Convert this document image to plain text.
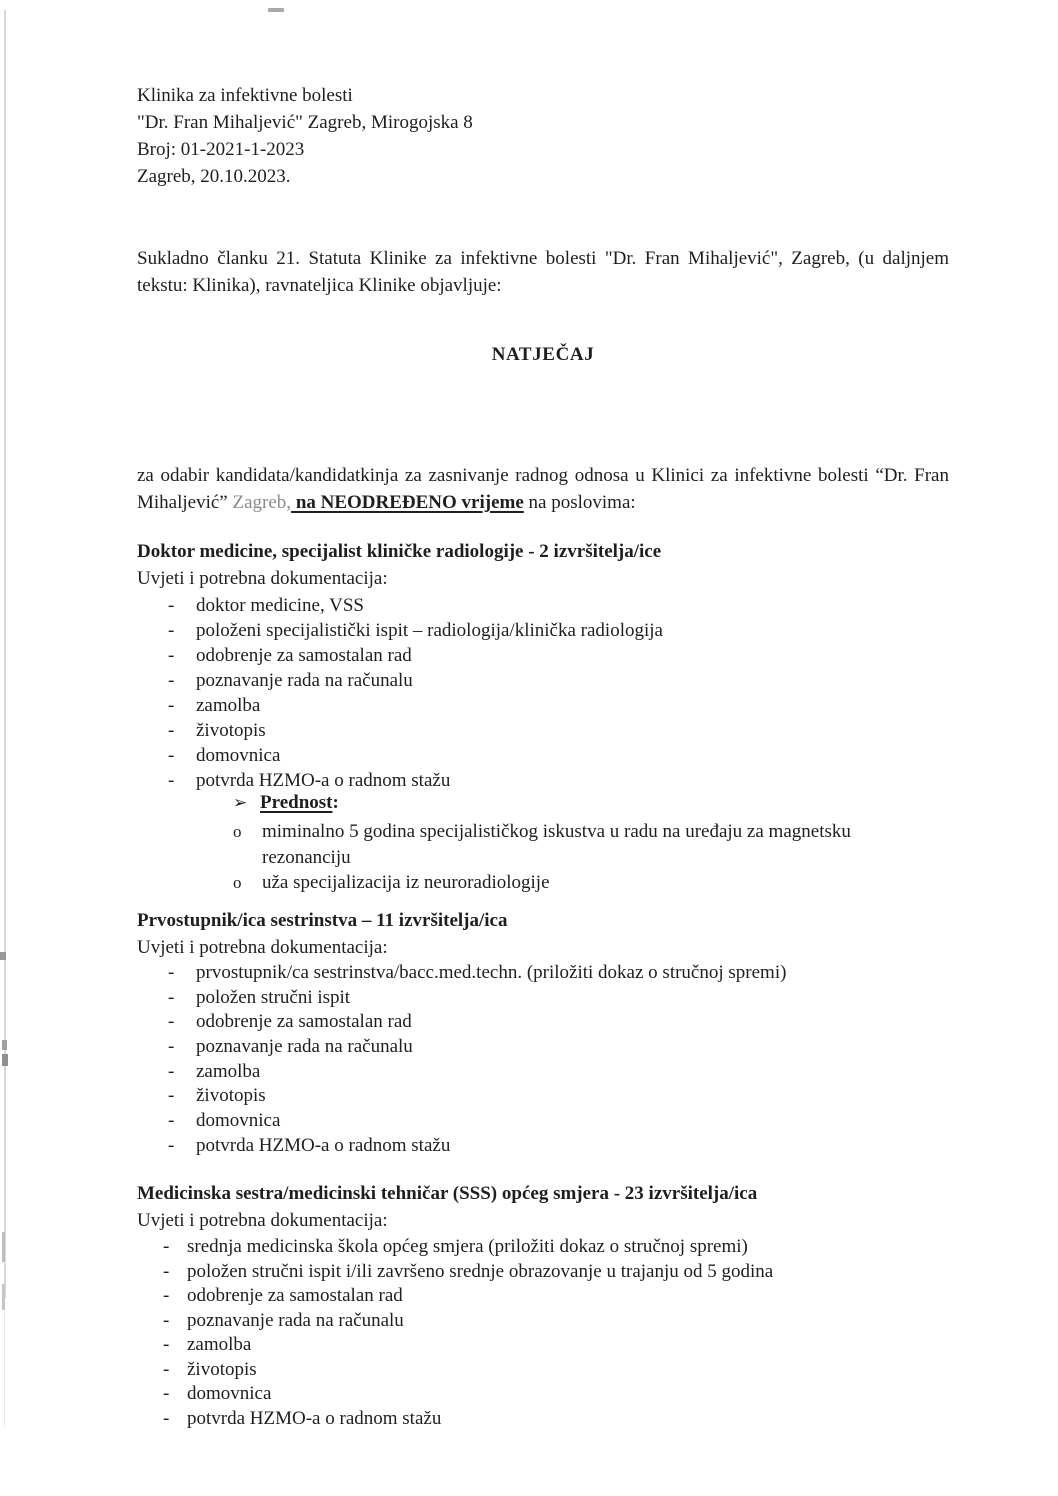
Klinika za infektivne bolesti
"Dr. Fran Mihaljević" Zagreb, Mirogojska 8
Broj: 01-2021-1-2023
Zagreb, 20.10.2023.

Sukladno članku 21. Statuta Klinike za infektivne bolesti "Dr. Fran Mihaljević", Zagreb, (u daljnjem tekstu: Klinika), ravnateljica Klinike objavljuje:

NATJEČAJ

za odabir kandidata/kandidatkinja za zasnivanje radnog odnosa u Klinici za infektivne bolesti “Dr. Fran Mihaljević” Zagreb, na NEODREĐENO vrijeme na poslovima:

Doktor medicine, specijalist kliničke radiologije - 2 izvršitelja/ice
Uvjeti i potrebna dokumentacija:
-	doktor medicine, VSS
-	položeni specijalistički ispit – radiologija/klinička radiologija
-	odobrenje za samostalan rad
-	poznavanje rada na računalu
-	zamolba
-	životopis
-	domovnica
-	potvrda HZMO-a o radnom stažu
➢ Prednost:
o	miminalno 5 godina specijalističkog iskustva u radu na uređaju za magnetsku rezonanciju
o	uža specijalizacija iz neuroradiologije
Prvostupnik/ica sestrinstva – 11 izvršitelja/ica
Uvjeti i potrebna dokumentacija:
-	prvostupnik/ca sestrinstva/bacc.med.techn. (priložiti dokaz o stručnoj spremi)
-	položen stručni ispit
-	odobrenje za samostalan rad
-	poznavanje rada na računalu
-	zamolba
-	životopis
-	domovnica
-	potvrda HZMO-a o radnom stažu
Medicinska sestra/medicinski tehničar (SSS) općeg smjera - 23 izvršitelja/ica
Uvjeti i potrebna dokumentacija:
- srednja medicinska škola općeg smjera (priložiti dokaz o stručnoj spremi)
- položen stručni ispit i/ili završeno srednje obrazovanje u trajanju od 5 godina
- odobrenje za samostalan rad
- poznavanje rada na računalu
- zamolba
- životopis
- domovnica
- potvrda HZMO-a o radnom stažu
